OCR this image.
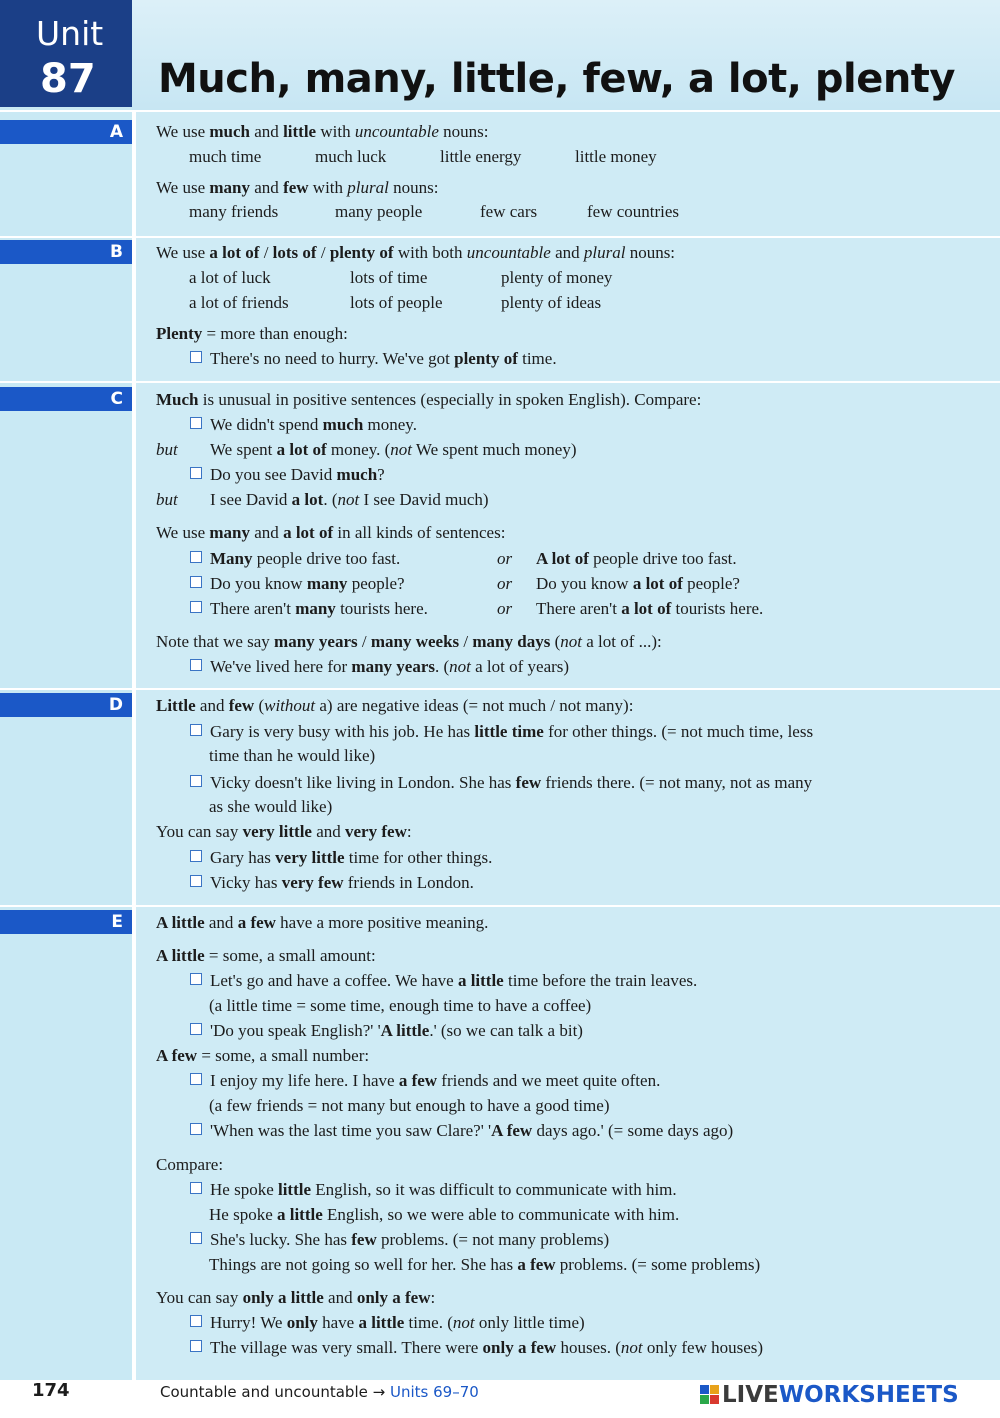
Unit
87 Much, many, little, few, a lot, plenty
A
B
C
D
E
We use much and little with uncountable nouns:
much time	much luck	little energy	little money
We use many and few with plural nouns:
many friends	many people	few cars	few countries
We use a lot of / lots of / plenty of with both uncountable and plural nouns:
a lot of luck	lots of time	plenty of money
a lot of friends	lots of people	plenty of ideas
Plenty = more than enough:
There's no need to hurry. We've got plenty of time.
Much is unusual in positive sentences (especially in spoken English). Compare:
We didn't spend much money.
but We spent a lot of money. (not We spent much money)
Do you see David much?
but I see David a lot. (not I see David much)
We use many and a lot of in all kinds of sentences:
Many people drive too fast.	or A lot of people drive too fast.
Do you know many people?	or Do you know a lot of people?
There aren't many tourists here.	or There aren't a lot of tourists here.
Note that we say many years / many weeks / many days (not a lot of ...):
We've lived here for many years. (not a lot of years)
Little and few (without a) are negative ideas (= not much / not many):
Gary is very busy with his job. He has little time for other things. (= not much time, less
time than he would like)
Vicky doesn't like living in London. She has few friends there. (= not many, not as many
as she would like)
You can say very little and very few:
Gary has very little time for other things.
Vicky has very few friends in London.
A little and a few have a more positive meaning.
A little = some, a small amount:
Let's go and have a coffee. We have a little time before the train leaves.
(a little time = some time, enough time to have a coffee)
'Do you speak English?' 'A little.' (so we can talk a bit)
A few = some, a small number:
I enjoy my life here. I have a few friends and we meet quite often.
(a few friends = not many but enough to have a good time)
'When was the last time you saw Clare?' 'A few days ago.' (= some days ago)
Compare:
He spoke little English, so it was difficult to communicate with him.
He spoke a little English, so we were able to communicate with him.
She's lucky. She has few problems. (= not many problems)
Things are not going so well for her. She has a few problems. (= some problems)
You can say only a little and only a few:
Hurry! We only have a little time. (not only little time)
The village was very small. There were only a few houses. (not only few houses)
174	Countable and uncountable → Units 69–70	LIVEWORKSHEETS
